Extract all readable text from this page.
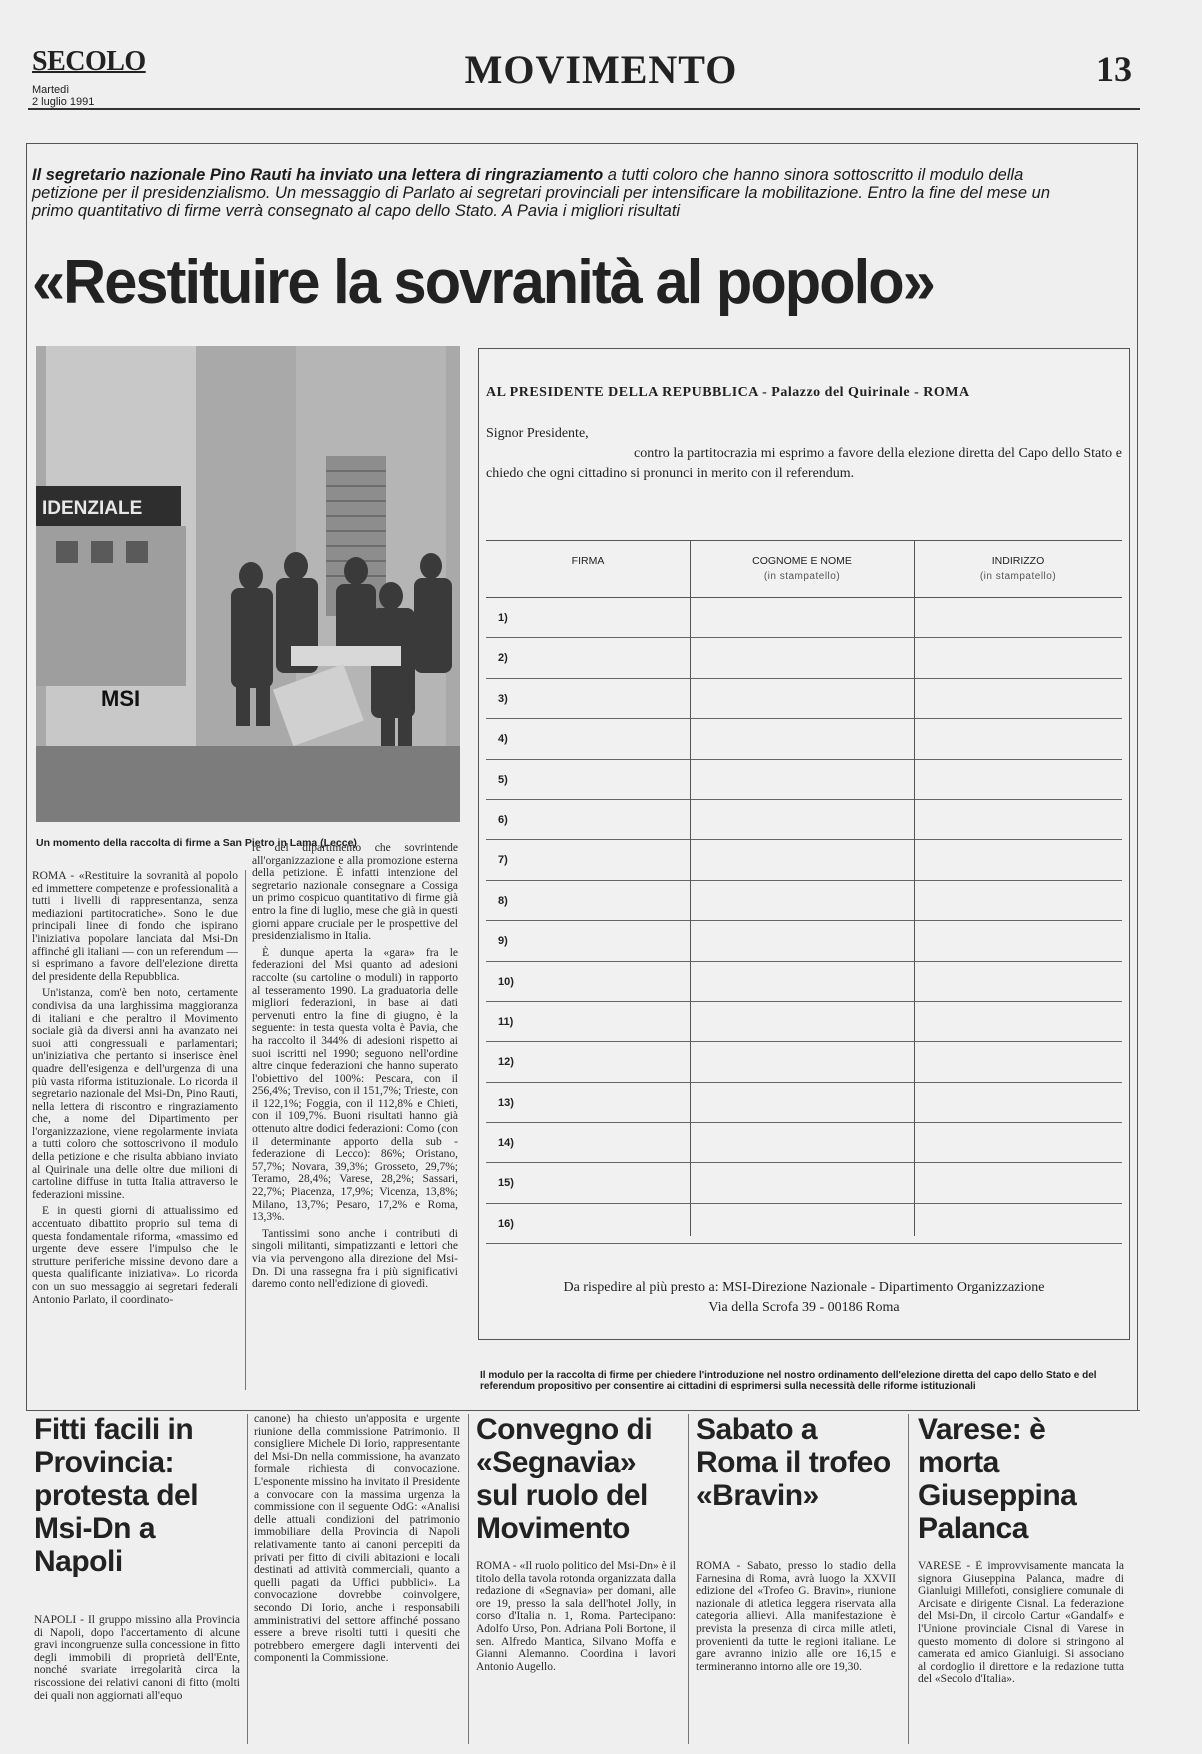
SECOLO
Martedì
2 luglio 1991
MOVIMENTO	13
Il segretario nazionale Pino Rauti ha inviato una lettera di ringraziamento a tutti coloro che hanno sinora sottoscritto il modulo della petizione per il presidenzialismo. Un messaggio di Parlato ai segretari provinciali per intensificare la mobilitazione. Entro la fine del mese un primo quantitativo di firme verrà consegnato al capo dello Stato. A Pavia i migliori risultati
«Restituire la sovranità al popolo»
IDENZIALE
MSI
Un momento della raccolta di firme a San Pietro in Lama (Lecce)

ROMA - «Restituire la sovranità al popolo ed immettere competenze e professionalità a tutti i livelli di rappresentanza, senza mediazioni partitocratiche». Sono le due principali linee di fondo che ispirano l'iniziativa popolare lanciata dal Msi-Dn affinché gli italiani — con un referendum — si esprimano a favore dell'elezione diretta del presidente della Repubblica.

Un'istanza, com'è ben noto, certamente condivisa da una larghissima maggioranza di italiani e che peraltro il Movimento sociale già da diversi anni ha avanzato nei suoi atti congressuali e parlamentari; un'iniziativa che pertanto si inserisce ènel quadre dell'esigenza e dell'urgenza di una più vasta riforma istituzionale. Lo ricorda il segretario nazionale del Msi-Dn, Pino Rauti, nella lettera di riscontro e ringraziamento che, a nome del Dipartimento per l'organizzazione, viene regolarmente inviata a tutti coloro che sottoscrivono il modulo della petizione e che risulta abbiano inviato al Quirinale una delle oltre due milioni di cartoline diffuse in tutta Italia attraverso le federazioni missine.

E in questi giorni di attualissimo ed accentuato dibattito proprio sul tema di questa fondamentale riforma, «massimo ed urgente deve essere l'impulso che le strutture periferiche missine devono dare a questa qualificante iniziativa». Lo ricorda con un suo messaggio ai segretari federali Antonio Parlato, il coordinato-

re del dipartimento che sovrintende all'organizzazione e alla promozione esterna della petizione. È infatti intenzione del segretario nazionale consegnare a Cossiga un primo cospicuo quantitativo di firme già entro la fine di luglio, mese che già in questi giorni appare cruciale per le prospettive del presidenzialismo in Italia.

È dunque aperta la «gara» fra le federazioni del Msi quanto ad adesioni raccolte (su cartoline o moduli) in rapporto al tesseramento 1990. La graduatoria delle migliori federazioni, in base ai dati pervenuti entro la fine di giugno, è la seguente: in testa questa volta è Pavia, che ha raccolto il 344% di adesioni rispetto ai suoi iscritti nel 1990; seguono nell'ordine altre cinque federazioni che hanno superato l'obiettivo del 100%: Pescara, con il 256,4%; Treviso, con il 151,7%; Trieste, con il 122,1%; Foggia, con il 112,8% e Chieti, con il 109,7%. Buoni risultati hanno già ottenuto altre dodici federazioni: Como (con il determinante apporto della sub - federazione di Lecco): 86%; Oristano, 57,7%; Novara, 39,3%; Grosseto, 29,7%; Teramo, 28,4%; Varese, 28,2%; Sassari, 22,7%; Piacenza, 17,9%; Vicenza, 13,8%; Milano, 13,7%; Pesaro, 17,2% e Roma, 13,3%.

Tantissimi sono anche i contributi di singoli militanti, simpatizzanti e lettori che via via pervengono alla direzione del Msi-Dn. Di una rassegna fra i più significativi daremo conto nell'edizione di giovedì.

AL PRESIDENTE DELLA REPUBBLICA - Palazzo del Quirinale - ROMA
Signor Presidente,
contro la partitocrazia mi esprimo a favore della elezione diretta del Capo dello Stato e chiedo che ogni cittadino si pronunci in merito con il referendum.
FIRMA	COGNOME E NOME
(in stampatello)
INDIRIZZO
(in stampatello)
1)
2)
3)
4)
5)
6)
7)
8)
9)
10)
11)
12)
13)
14)
15)
16)
Da rispedire al più presto a: MSI-Direzione Nazionale - Dipartimento Organizzazione
Via della Scrofa 39 - 00186 Roma
Il modulo per la raccolta di firme per chiedere l'introduzione nel nostro ordinamento dell'elezione diretta del capo dello Stato e del referendum propositivo per consentire ai cittadini di esprimersi sulla necessità delle riforme istituzionali
Fitti facili in Provincia: protesta del Msi-Dn a Napoli
NAPOLI - Il gruppo missino alla Provincia di Napoli, dopo l'accertamento di alcune gravi incongruenze sulla concessione in fitto degli immobili di proprietà dell'Ente, nonché svariate irregolarità circa la riscossione dei relativi canoni di fitto (molti dei quali non aggiornati all'equo
canone) ha chiesto un'apposita e urgente riunione della commissione Patrimonio. Il consigliere Michele Di Iorio, rappresentante del Msi-Dn nella commissione, ha avanzato formale richiesta di convocazione. L'esponente missino ha invitato il Presidente a convocare con la massima urgenza la commissione con il seguente OdG: «Analisi delle attuali condizioni del patrimonio immobiliare della Provincia di Napoli relativamente tanto ai canoni percepiti da privati per fitto di civili abitazioni e locali destinati ad attività commerciali, quanto a quelli pagati da Uffici pubblici». La convocazione dovrebbe coinvolgere, secondo Di Iorio, anche i responsabili amministrativi del settore affinché possano essere a breve risolti tutti i quesiti che potrebbero emergere dagli interventi dei componenti la Commissione.
Convegno di «Segnavia» sul ruolo del Movimento
ROMA - «Il ruolo politico del Msi-Dn» è il titolo della tavola rotonda organizzata dalla redazione di «Segnavia» per domani, alle ore 19, presso la sala dell'hotel Jolly, in corso d'Italia n. 1, Roma. Partecipano: Adolfo Urso, Pon. Adriana Poli Bortone, il sen. Alfredo Mantica, Silvano Moffa e Gianni Alemanno. Coordina i lavori Antonio Augello.
Sabato a Roma il trofeo «Bravin»
ROMA - Sabato, presso lo stadio della Farnesina di Roma, avrà luogo la XXVII edizione del «Trofeo G. Bravin», riunione nazionale di atletica leggera riservata alla categoria allievi. Alla manifestazione è prevista la presenza di circa mille atleti, provenienti da tutte le regioni italiane. Le gare avranno inizio alle ore 16,15 e termineranno intorno alle ore 19,30.
Varese: è morta Giuseppina Palanca
VARESE - È improvvisamente mancata la signora Giuseppina Palanca, madre di Gianluigi Millefoti, consigliere comunale di Arcisate e dirigente Cisnal. La federazione del Msi-Dn, il circolo Cartur «Gandalf» e l'Unione provinciale Cisnal di Varese in questo momento di dolore si stringono al camerata ed amico Gianluigi. Si associano al cordoglio il direttore e la redazione tutta del «Secolo d'Italia».
